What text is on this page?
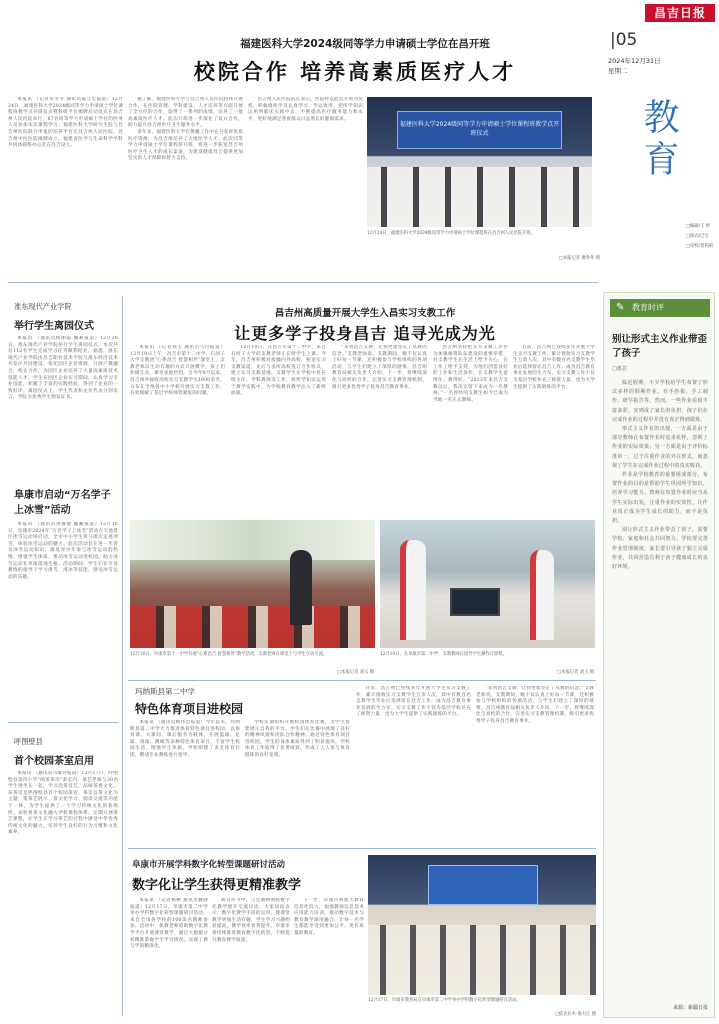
昌吉日报
|05
2024年12月31日
星期二
教育
□编辑/王 婷
□版式/巴宝
□审校/贺利莉
福建医科大学2024级同等学力申请硕士学位在昌开班
校院合作 培养高素质医疗人才
本报讯 （记者常冬冬 通讯员陈立宏报道）12月24日，福建医科大学2024级同等学力申请硕士学位课程班教学点开班仪式暨科研平台揭牌启动仪式在昌吉州人民医院举行，87名同等学力申请硕士学位的医务人员参加本次课程学习。福建医科大学研究生院与昌吉州医院联合申报的培养平台在昌吉州人民医院、昌吉州中医医院揭牌成立，福建省医学与生命科学学科共同体联络办公室在昌吉设立。
据了解，福建医科大学与昌吉州人民医院持续开展合作，在医院管理、学科建设、人才培养等方面开展了全方位的合作，取得了一系列的成绩，培养了一批高素质医疗人才。此次开班进一步深化了双方合作，助力提升昌吉州医疗卫生服务水平。
多年来，福建医科大学在援疆工作中充分发挥优质医疗资源，为昌吉州培养了大批医学人才。此次同等学力申请硕士学位课程班开班，将进一步拓宽昌吉州医疗卫生人才的成长渠道，为建设健康昌吉提供更加坚实的人才保障和智力支持。
昌吉州人民医院院长表示，医院将以此次开班为契机，积极组织学员认真学习，学以致用，把所学知识运用到临床实践中去，不断提高医疗服务能力和水平，更好地满足各族群众日益增长的健康需求。
福建医科大学2024级同等学力申请硕士学位课程班教学点开班仪式
12月24日，福建医科大学2024级同等学力申请硕士学位课程班在昌吉州人民医院开班。
□本报记者 廖冬冬 摄
准东现代产业学院
举行学生离园仪式
本报讯 （通讯员杨丽霞 魏莉报道）12月26日，准东现代产业学院举行学生离园仪式，本次共有112名学生完成学习任务顺利结业。据悉，准东现代产业学院由昌吉职业技术学院与准东经济技术开发区共同建设，依托园区企业资源，开展产教融合、校企合作，为园区企业培养了大量高素质技术技能人才。学生在园区企业实习期间，认真学习专业技能，积累了丰富的实践经验，得到了企业的一致好评。离园仪式上，学生代表和企业代表分别发言，学院为优秀学生颁发证书。
阜康市启动“万名学子上冰雪”活动
本报讯 （通讯员黄敏敏 魏鹏报道）12月16日，阜康市2024年“万名学子上冰雪”活动在天池景区冰雪运动场启动，全市中小学生将分批次走进冰雪，体验冰雪运动的魅力。此次活动旨在进一步普及冰雪运动知识，激发青少年参与冰雪运动的热情，增强学生体质，推动冰雪运动进校园，助力冰雪运动在阜康落地生根。活动期间，学生们在专业教练的指导下学习滑雪、滑冰等技能，感受冰雪运动的乐趣。
呼图壁县
首个校园茶室启用
本报讯 （通讯员马敏玲报道）12月17日，呼图壁县第四小学“阅茶茶诗”茶室内，茶艺老师与30名学生围坐在一起，学习泡茶技艺，品味茶香文化。该茶室是呼图壁县首个校园茶室，茶室以茶文化为主题，集茶艺展示、茶文化学习、阅读交流等功能于一体，为学生提供了一个学习传统文化的新场所。该校将茶文化融入学校课程体系，定期开展茶艺课程，让学生在学习茶艺的过程中感受中华优秀传统文化的魅力，培养学生良好的行为习惯和文化素养。
昌吉州高质量开展大学生入昌实习支教工作
让更多学子投身昌吉 追寻光成为光
本报讯 （记者刘玉 通讯员马玲报道）12月10日上午，昌吉市第十二中学、石河子大学支教团“心系昌吉 智慧相伴”课堂上，支教老师以生动有趣的方式开展教学，孩子们积极互动，课堂氛围热烈。自今年9月以来，昌吉州共接收高校实习支教学生1600余名，分布在全州各中小学校开展实习支教工作，有效缓解了基层学校师资紧张的问题。
12月10日，在昌吉市第十二中学，来自石河子大学的支教老师正在给学生上课。今年，昌吉州积极对接疆内外高校，拓宽实习支教渠道，先后与多所高校签订合作协议，建立实习支教基地。支教学生在学校中担任班主任、学科教师等工作，将所学知识运用于教学实践中，为学校教育教学注入了新鲜血液。
“来到昌吉支教，让我更加坚定了从教的信念。”支教老师说。支教期间，她不仅认真上好每一节课，还积极参与学校组织的各项活动，与学生们建立了深厚的感情。昌吉州教育局相关负责人介绍，下一步，将继续深化与高校的合作，完善实习支教管理机制，吸引更多优秀学子投身昌吉教育事业。
昌吉州坚持把实习支教工作作为加强师资队伍建设的重要举措，对支教学生在生活上给予关心，在工作上给予支持，为他们创造良好的工作和生活条件，让支教学生留得住、教得好。“2023年来昌吉支教以后，我决定留下来成为一名教师。”一名曾经的支教生如今已成为当地一名正式教师。
目前，昌吉州已连续多年开展大学生实习支教工作，累计接收实习支教学生万余人次，其中有数百名支教学生毕业后选择留在昌吉工作，成为昌吉教育事业发展的生力军。实习支教工作不仅为基层学校补充了师资力量，也为大学生提供了实践锻炼的平台。
12月10日，阜康市第十一中学开展“心系昌吉 智慧相伴”教学活动，支教老师在课堂上与学生互动交流。
□本报记者 刘玉 摄
12月10日，在阜康市第二中学，支教教师在指导学生操作计算机。
□本报记者 刘玉 摄
玛纳斯县第二中学
特色体育项目进校园
本报讯 （通讯员杨伟忠报道）今年以来，玛纳斯县第二中学大力推进体育特色项目进校园，以体育课、大课间、课后服务为载体，开展篮球、足球、排球、跳绳等多种特色体育项目，丰富学生校园生活，增强学生体质。学校组建了多支体育社团，聘请专业教练进行指导。
学校定期组织开展校园体育比赛，为学生搭建展示自我的平台。学生们在比赛中展现了良好的精神风貌和团队合作精神。通过特色体育项目进校园，学生的身体素质得到了明显提高，学校体育工作取得了显著成效，形成了人人参与体育锻炼的良好氛围。
目前，昌吉州已连续多年开展大学生实习支教工作，累计接收实习支教学生万余人次，其中有数百名支教学生毕业后选择留在昌吉工作，成为昌吉教育事业发展的生力军。实习支教工作不仅为基层学校补充了师资力量，也为大学生提供了实践锻炼的平台。
“来到昌吉支教，让我更加坚定了从教的信念。”支教老师说。支教期间，她不仅认真上好每一节课，还积极参与学校组织的各项活动，与学生们建立了深厚的感情。昌吉州教育局相关负责人介绍，下一步，将继续深化与高校的合作，完善实习支教管理机制，吸引更多优秀学子投身昌吉教育事业。
阜康市开展学科数字化转型课题研讨活动
数字化让学生获得更精准教学
本报讯 （记者杨柳 通讯员魏静报道）12月17日，阜康市第二中学举办学科数字化转型课题研讨活动，来自全市各学校的100余名教师参加。活动中，执教老师借助数字化教学平台开展课堂教学，通过大数据分析精准掌握学生学习情况，实现了教与学的精准化。
研讨环节中，与会教师围绕数字化教学展开交流讨论。大家纷纷表示，数字化教学手段的运用，使课堂教学更加生动有趣，学生学习兴趣明显提高，教学效率显著提升。阜康市将持续推进教育数字化转型，不断提升教育教学质量。
下一步，阜康市将加大教育信息化投入，加强教师信息技术应用能力培训，推动数字技术与教育教学深度融合，让每一名学生都能享受到更加公平、更有质量的教育。
12月17日，阜康市教育局在阜康市第二中学举办学科数字化转型课题研讨活动。
□依克拉木·海力江 摄
✎ 教育时评
别让形式主义作业带歪了孩子
□惠芸
临近假期，不少学校给学生布置了形式多样的假期作业，有手抄报、手工制作、研学报告等。然而，一些作业看似丰富多彩，实则成了家长的负担，孩子们在完成作业的过程中并没有真正得到锻炼。
形式主义作业的出现，一方面是由于部分教师在布置作业时追求花样，忽视了作业的实际效果；另一方面是由于评价标准单一，过于注重作业的外在形式，而忽视了学生在完成作业过程中的真实收获。
作业是学校教育的重要组成部分，布置作业的目的是帮助学生巩固所学知识、培养学习能力。教师在布置作业时应当从学生实际出发，注重作业的实效性，让作业真正成为学生成长的助力，而不是负担。
别让形式主义作业带歪了孩子，需要学校、家庭和社会共同努力。学校要完善作业管理制度，家长要引导孩子独立完成作业，共同营造有利于孩子健康成长的良好环境。
来源：新疆日报
